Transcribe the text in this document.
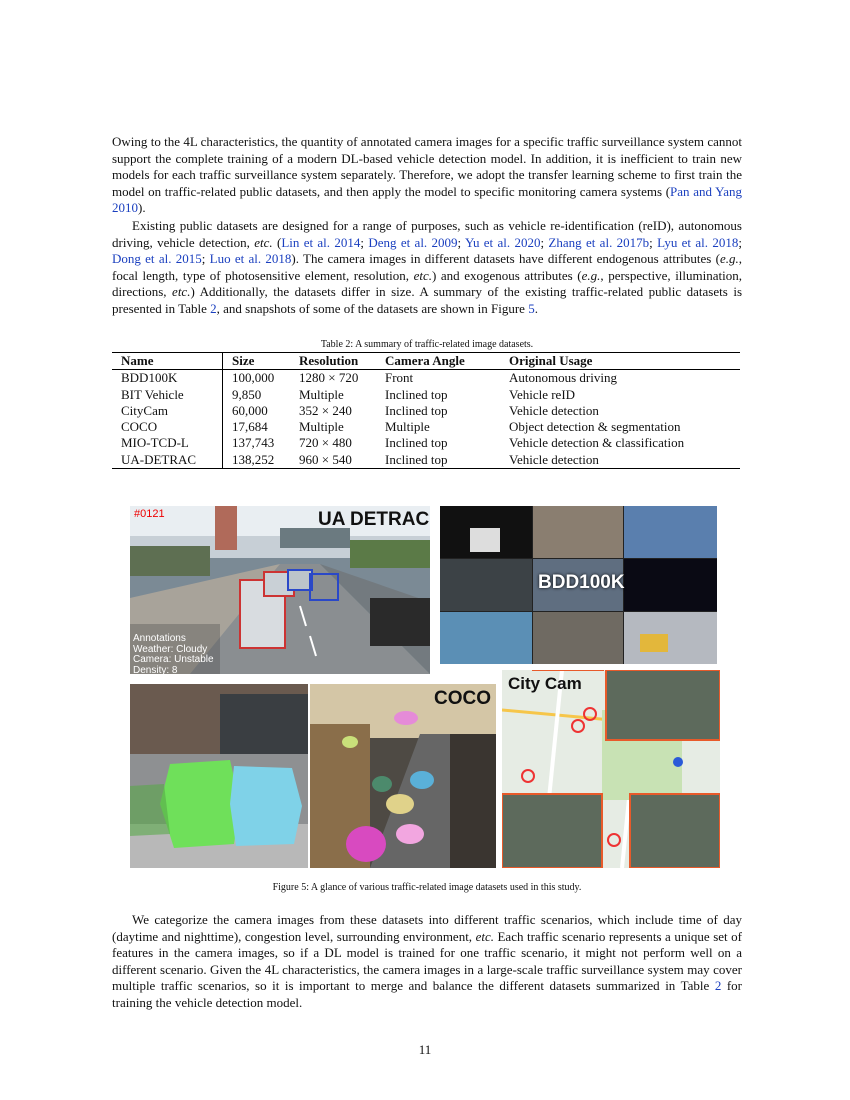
Owing to the 4L characteristics, the quantity of annotated camera images for a specific traffic surveillance system cannot support the complete training of a modern DL-based vehicle detection model. In addition, it is inefficient to train new models for each traffic surveillance system separately. Therefore, we adopt the transfer learning scheme to first train the model on traffic-related public datasets, and then apply the model to specific monitoring camera systems (Pan and Yang 2010).

Existing public datasets are designed for a range of purposes, such as vehicle re-identification (reID), autonomous driving, vehicle detection, etc. (Lin et al. 2014; Deng et al. 2009; Yu et al. 2020; Zhang et al. 2017b; Lyu et al. 2018; Dong et al. 2015; Luo et al. 2018). The camera images in different datasets have different endogenous attributes (e.g., focal length, type of photosensitive element, resolution, etc.) and exogenous attributes (e.g., perspective, illumination, directions, etc.) Additionally, the datasets differ in size. A summary of the existing traffic-related public datasets is presented in Table 2, and snapshots of some of the datasets are shown in Figure 5.

Table 2: A summary of traffic-related image datasets.

Name	Size	Resolution	Camera Angle	Original Usage
BDD100K	100,000	1280 × 720	Front	Autonomous driving
BIT Vehicle	9,850	Multiple	Inclined top	Vehicle reID
CityCam	60,000	352 × 240	Inclined top	Vehicle detection
COCO	17,684	Multiple	Multiple	Object detection & segmentation
MIO-TCD-L	137,743	720 × 480	Inclined top	Vehicle detection & classification
UA-DETRAC	138,252	960 × 540	Inclined top	Vehicle detection
UA DETRAC
#0121
Annotations
Weather: Cloudy
Camera: Unstable
Density: 8
BDD100K
COCO
City Cam

Figure 5: A glance of various traffic-related image datasets used in this study.

We categorize the camera images from these datasets into different traffic scenarios, which include time of day (daytime and nighttime), congestion level, surrounding environment, etc. Each traffic scenario represents a unique set of features in the camera images, so if a DL model is trained for one traffic scenario, it might not perform well on a different scenario. Given the 4L characteristics, the camera images in a large-scale traffic surveillance system may cover multiple traffic scenarios, so it is important to merge and balance the different datasets summarized in Table 2 for training the vehicle detection model.

11
